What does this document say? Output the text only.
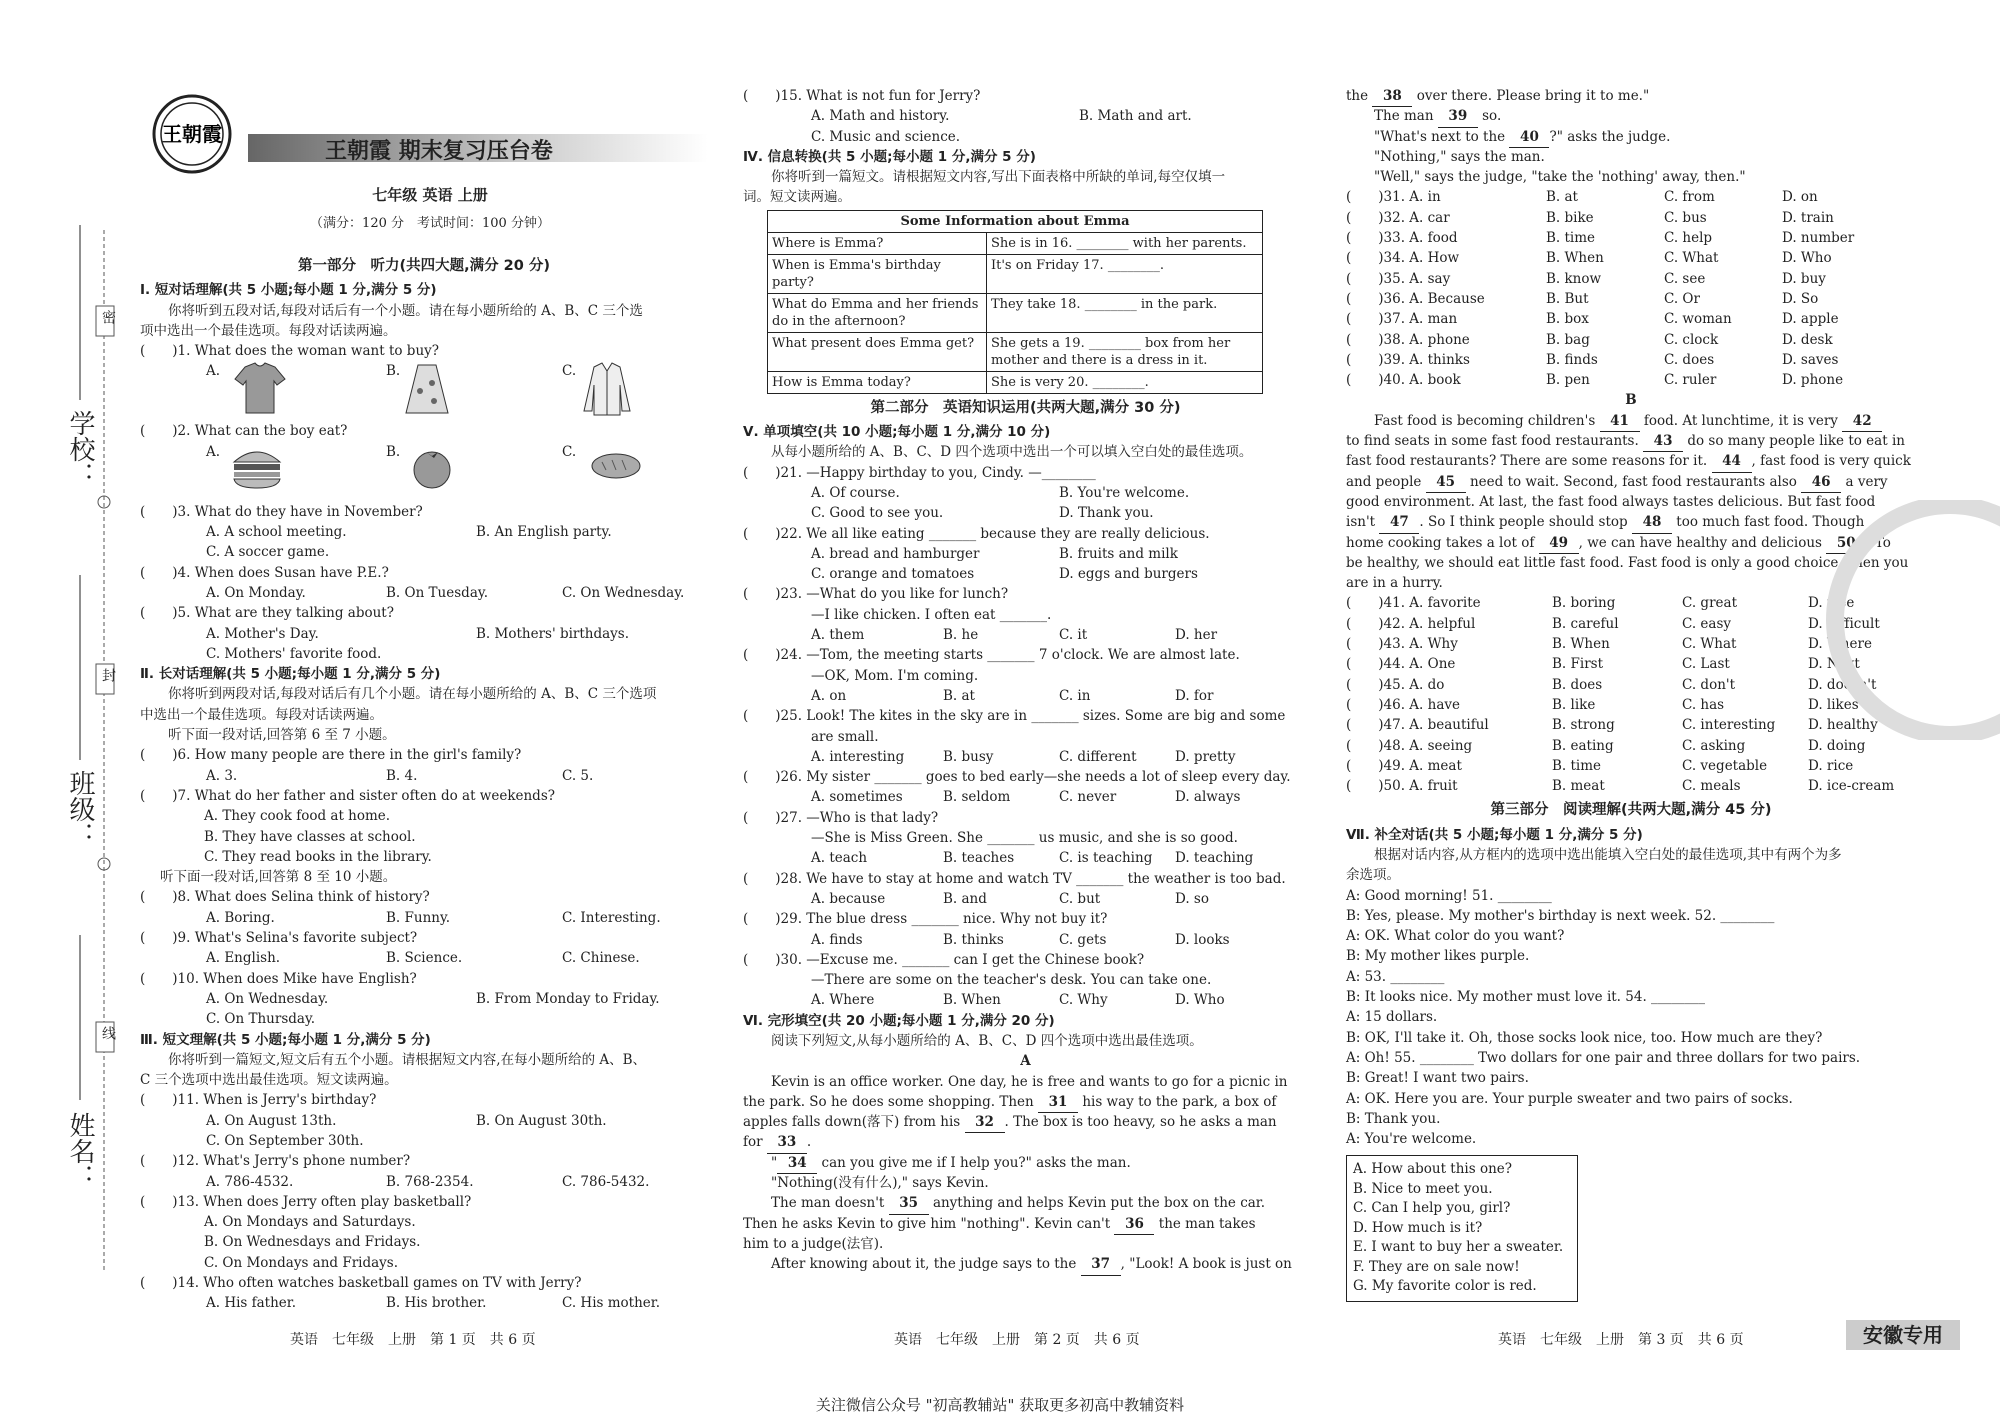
密
封
线
学校：
班级：
姓名：
王朝霞
王朝霞 期末复习压台卷
七年级 英语 上册
（满分：120 分　考试时间：100 分钟）
第一部分　听力(共四大题,满分 20 分)
Ⅰ. 短对话理解(共 5 小题;每小题 1 分,满分 5 分)
你将听到五段对话,每段对话后有一个小题。请在每小题所给的 A、B、C 三个选
项中选出一个最佳选项。每段对话读两遍。
(　　)1. What does the woman want to buy?
A.	B.	C.
(　　)2. What can the boy eat?
A.	B.	C.
(　　)3. What do they have in November?
A. A school meeting.	B. An English party.
C. A soccer game.
(　　)4. When does Susan have P.E.?
A. On Monday.	B. On Tuesday.	C. On Wednesday.
(　　)5. What are they talking about?
A. Mother's Day.	B. Mothers' birthdays.
C. Mothers' favorite food.
Ⅱ. 长对话理解(共 5 小题;每小题 1 分,满分 5 分)
你将听到两段对话,每段对话后有几个小题。请在每小题所给的 A、B、C 三个选项
中选出一个最佳选项。每段对话读两遍。
听下面一段对话,回答第 6 至 7 小题。
(　　)6. How many people are there in the girl's family?
A. 3.	B. 4.	C. 5.
(　　)7. What do her father and sister often do at weekends?
A. They cook food at home.
B. They have classes at school.
C. They read books in the library.
听下面一段对话,回答第 8 至 10 小题。
(　　)8. What does Selina think of history?
A. Boring.	B. Funny.	C. Interesting.
(　　)9. What's Selina's favorite subject?
A. English.	B. Science.	C. Chinese.
(　　)10. When does Mike have English?
A. On Wednesday.	B. From Monday to Friday.
C. On Thursday.
Ⅲ. 短文理解(共 5 小题;每小题 1 分,满分 5 分)
你将听到一篇短文,短文后有五个小题。请根据短文内容,在每小题所给的 A、B、
C 三个选项中选出最佳选项。短文读两遍。
(　　)11. When is Jerry's birthday?
A. On August 13th.	B. On August 30th.
C. On September 30th.
(　　)12. What's Jerry's phone number?
A. 786-4532.	B. 768-2354.	C. 786-5432.
(　　)13. When does Jerry often play basketball?
A. On Mondays and Saturdays.
B. On Wednesdays and Fridays.
C. On Mondays and Fridays.
(　　)14. Who often watches basketball games on TV with Jerry?
A. His father.	B. His brother.	C. His mother.
(　　)15. What is not fun for Jerry?
A. Math and history.	B. Math and art.
C. Music and science.
Ⅳ. 信息转换(共 5 小题;每小题 1 分,满分 5 分)
你将听到一篇短文。请根据短文内容,写出下面表格中所缺的单词,每空仅填一
词。短文读两遍。
Some Information about Emma	
Where is Emma?	She is in 16. ________ with her parents.
When is Emma's birthday party?	It's on Friday 17. ________.
What do Emma and her friends do in the afternoon?	They take 18. ________ in the park.
What present does Emma get?	She gets a 19. ________ box from her mother and there is a dress in it.
How is Emma today?	She is very 20. ________.
第二部分　英语知识运用(共两大题,满分 30 分)
Ⅴ. 单项填空(共 10 小题;每小题 1 分,满分 10 分)
从每小题所给的 A、B、C、D 四个选项中选出一个可以填入空白处的最佳选项。
(　　)21. —Happy birthday to you, Cindy. —________
A. Of course.	B. You're welcome.
C. Good to see you.	D. Thank you.
(　　)22. We all like eating _______ because they are really delicious.
A. bread and hamburger	B. fruits and milk
C. orange and tomatoes	D. eggs and burgers
(　　)23. —What do you like for lunch?
—I like chicken. I often eat _______.
A. them	B. he	C. it	D. her
(　　)24. —Tom, the meeting starts _______ 7 o'clock. We are almost late.
—OK, Mom. I'm coming.
A. on	B. at	C. in	D. for
(　　)25. Look! The kites in the sky are in _______ sizes. Some are big and some
are small.
A. interesting	B. busy	C. different	D. pretty
(　　)26. My sister _______ goes to bed early—she needs a lot of sleep every day.
A. sometimes	B. seldom	C. never	D. always
(　　)27. —Who is that lady?
—She is Miss Green. She _______ us music, and she is so good.
A. teach	B. teaches	C. is teaching D. teaching
(　　)28. We have to stay at home and watch TV _______ the weather is too bad.
A. because	B. and	C. but	D. so
(　　)29. The blue dress _______ nice. Why not buy it?
A. finds	B. thinks	C. gets	D. looks
(　　)30. —Excuse me. _______ can I get the Chinese book?
—There are some on the teacher's desk. You can take one.
A. Where	B. When	C. Why	D. Who
Ⅵ. 完形填空(共 20 小题;每小题 1 分,满分 20 分)
阅读下列短文,从每小题所给的 A、B、C、D 四个选项中选出最佳选项。
A
Kevin is an office worker. One day, he is free and wants to go for a picnic in
the park. So he does some shopping. Then 31 his way to the park, a box of
apples falls down(落下) from his 32 . The box is too heavy, so he asks a man
for 33 .
" 34 can you give me if I help you?" asks the man.
"Nothing(没有什么)," says Kevin.
The man doesn't 35 anything and helps Kevin put the box on the car.
Then he asks Kevin to give him "nothing". Kevin can't 36 the man takes
him to a judge(法官).
After knowing about it, the judge says to the 37 , "Look! A book is just on
the 38 over there. Please bring it to me."
The man 39 so.
"What's next to the 40 ?" asks the judge.
"Nothing," says the man.
"Well," says the judge, "take the 'nothing' away, then."
(　　)31. A. in	B. at	C. from	D. on
(　　)32. A. car	B. bike	C. bus	D. train
(　　)33. A. food	B. time	C. help	D. number
(　　)34. A. How	B. When	C. What	D. Who
(　　)35. A. say	B. know	C. see	D. buy
(　　)36. A. Because	B. But	C. Or	D. So
(　　)37. A. man	B. box	C. woman	D. apple
(　　)38. A. phone	B. bag	C. clock	D. desk
(　　)39. A. thinks	B. finds	C. does	D. saves
(　　)40. A. book	B. pen	C. ruler	D. phone
B
Fast food is becoming children's 41 food. At lunchtime, it is very 42
to find seats in some fast food restaurants. 43 do so many people like to eat in
fast food restaurants? There are some reasons for it. 44 , fast food is very quick
and people 45 need to wait. Second, fast food restaurants also 46 a very
good environment. At last, the fast food always tastes delicious. But fast food
isn't 47 . So I think people should stop 48 too much fast food. Though
home cooking takes a lot of 49 , we can have healthy and delicious 50 . To
be healthy, we should eat little fast food. Fast food is only a good choice when you
are in a hurry.
(　　)41. A. favorite	B. boring	C. great	D. free
(　　)42. A. helpful	B. careful	C. easy	D. difficult
(　　)43. A. Why	B. When	C. What	D. Where
(　　)44. A. One	B. First	C. Last	D. Next
(　　)45. A. do	B. does	C. don't	D. doesn't
(　　)46. A. have	B. like	C. has	D. likes
(　　)47. A. beautiful	B. strong	C. interesting D. healthy
(　　)48. A. seeing	B. eating	C. asking	D. doing
(　　)49. A. meat	B. time	C. vegetable	D. rice
(　　)50. A. fruit	B. meat	C. meals	D. ice-cream
第三部分　阅读理解(共两大题,满分 45 分)
Ⅶ. 补全对话(共 5 小题;每小题 1 分,满分 5 分)
根据对话内容,从方框内的选项中选出能填入空白处的最佳选项,其中有两个为多
余选项。
A: Good morning! 51. ________
B: Yes, please. My mother's birthday is next week. 52. ________
A: OK. What color do you want?
B: My mother likes purple.
A: 53. ________
B: It looks nice. My mother must love it. 54. ________
A: 15 dollars.
B: OK, I'll take it. Oh, those socks look nice, too. How much are they?
A: Oh! 55. ________ Two dollars for one pair and three dollars for two pairs.
B: Great! I want two pairs.
A: OK. Here you are. Your purple sweater and two pairs of socks.
B: Thank you.
A: You're welcome.
A. How about this one?
B. Nice to meet you.
C. Can I help you, girl?
D. How much is it?
E. I want to buy her a sweater.
F. They are on sale now!
G. My favorite color is red.
英语　七年级　上册　第 1 页　共 6 页	英语　七年级　上册　第 2 页　共 6 页	英语　七年级　上册　第 3 页　共 6 页	安徽专用
关注微信公众号 "初高教辅站" 获取更多初高中教辅资料
